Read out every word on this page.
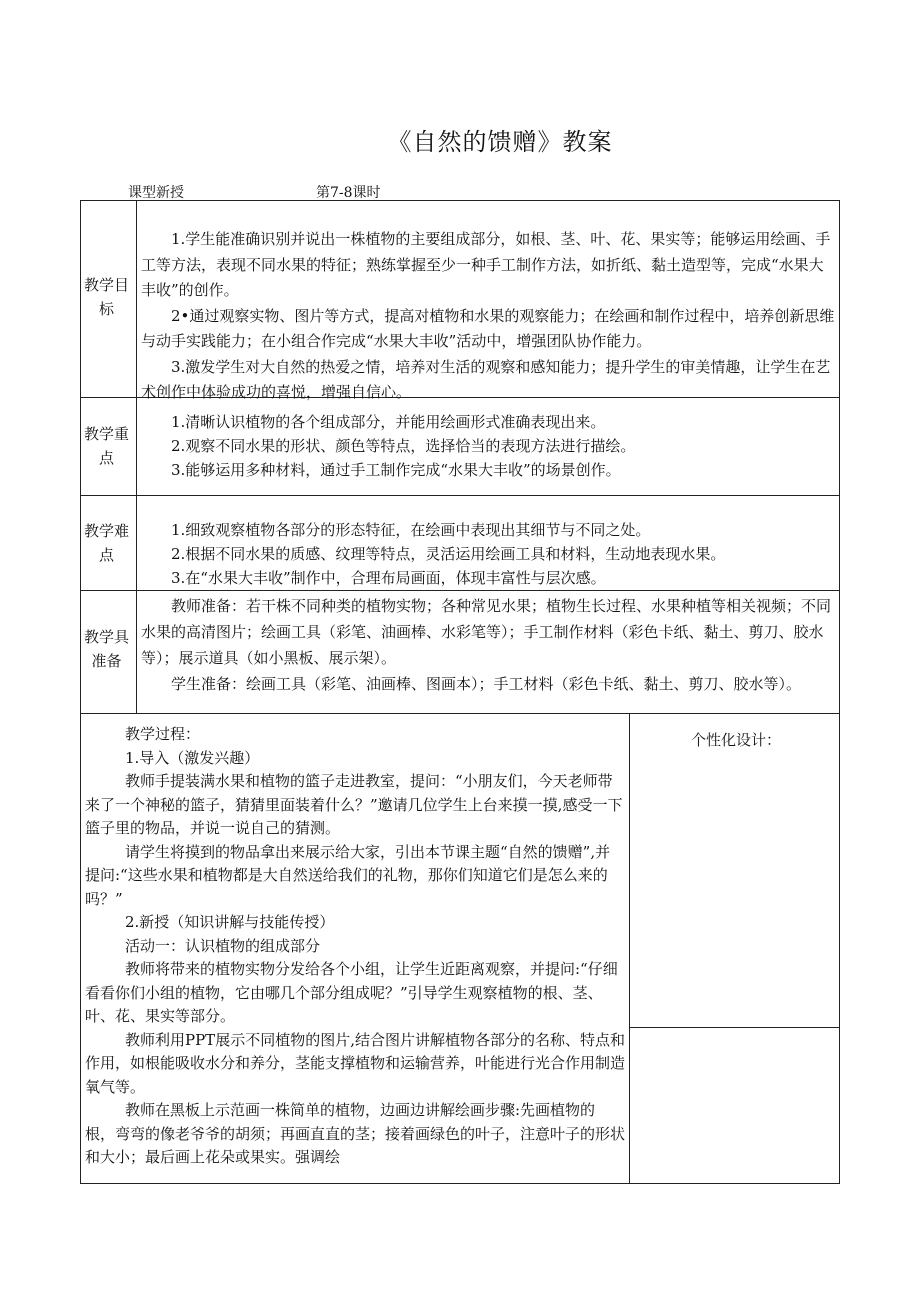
《自然的馈赠》教案
课型新授	第7-8课时
教学目标

1.学生能准确识别并说出一株植物的主要组成部分，如根、茎、叶、花、果实等；能够运用绘画、手工等方法，表现不同水果的特征；熟练掌握至少一种手工制作方法，如折纸、黏土造型等，完成“水果大丰收”的创作。

2•通过观察实物、图片等方式，提高对植物和水果的观察能力；在绘画和制作过程中，培养创新思维与动手实践能力；在小组合作完成“水果大丰收”活动中，增强团队协作能力。

3.激发学生对大自然的热爱之情，培养对生活的观察和感知能力；提升学生的审美情趣，让学生在艺术创作中体验成功的喜悦，增强自信心。

教学重点

1.清晰认识植物的各个组成部分，并能用绘画形式准确表现出来。

2.观察不同水果的形状、颜色等特点，选择恰当的表现方法进行描绘。

3.能够运用多种材料，通过手工制作完成“水果大丰收”的场景创作。

教学难点

1.细致观察植物各部分的形态特征，在绘画中表现出其细节与不同之处。

2.根据不同水果的质感、纹理等特点，灵活运用绘画工具和材料，生动地表现水果。

3.在“水果大丰收”制作中，合理布局画面，体现丰富性与层次感。

教学具准备

教师准备：若干株不同种类的植物实物；各种常见水果；植物生长过程、水果种植等相关视频；不同水果的高清图片；绘画工具（彩笔、油画棒、水彩笔等）；手工制作材料（彩色卡纸、黏土、剪刀、胶水等）；展示道具（如小黑板、展示架）。

学生准备：绘画工具（彩笔、油画棒、图画本）；手工材料（彩色卡纸、黏土、剪刀、胶水等）。

教学过程：

1.导入（激发兴趣）

教师手提装满水果和植物的篮子走进教室，提问：“小朋友们，今天老师带来了一个神秘的篮子，猜猜里面装着什么？”邀请几位学生上台来摸一摸,感受一下篮子里的物品，并说一说自己的猜测。

请学生将摸到的物品拿出来展示给大家，引出本节课主题“自然的馈赠”,并提问:“这些水果和植物都是大自然送给我们的礼物，那你们知道它们是怎么来的吗？”

2.新授（知识讲解与技能传授）

活动一：认识植物的组成部分

教师将带来的植物实物分发给各个小组，让学生近距离观察，并提问:“仔细看看你们小组的植物，它由哪几个部分组成呢？”引导学生观察植物的根、茎、叶、花、果实等部分。

教师利用PPT展示不同植物的图片,结合图片讲解植物各部分的名称、特点和作用，如根能吸收水分和养分，茎能支撑植物和运输营养，叶能进行光合作用制造氧气等。

教师在黑板上示范画一株简单的植物，边画边讲解绘画步骤:先画植物的根，弯弯的像老爷爷的胡须；再画直直的茎；接着画绿色的叶子，注意叶子的形状和大小；最后画上花朵或果实。强调绘

个性化设计：
